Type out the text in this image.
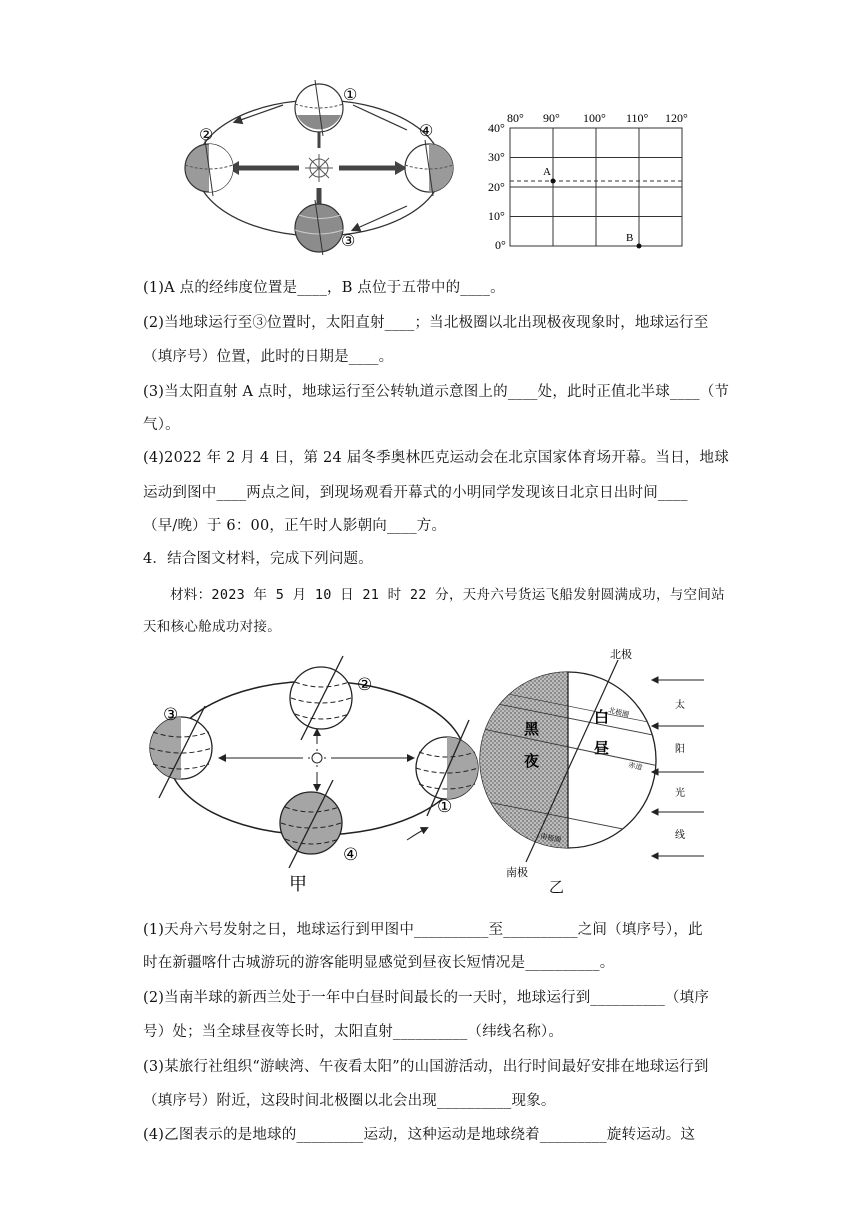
①
②
③
④
A
B
80° 90° 100° 110° 120°
40°
30°
20°
10°
0°
(1)A 点的经纬度位置是____，B 点位于五带中的____。
(2)当地球运行至③位置时，太阳直射____；当北极圈以北出现极夜现象时，地球运行至
（填序号）位置，此时的日期是____。
(3)当太阳直射 A 点时，地球运行至公转轨道示意图上的____处，此时正值北半球____（节
气）。
(4)2022 年 2 月 4 日，第 24 届冬季奥林匹克运动会在北京国家体育场开幕。当日，地球
运动到图中____两点之间，到现场观看开幕式的小明同学发现该日北京日出时间____
（早/晚）于 6：00，正午时人影朝向____方。
4．结合图文材料，完成下列问题。
材料：2023 年 5 月 10 日 21 时 22 分，天舟六号货运飞船发射圆满成功，与空间站
天和核心舱成功对接。
②
③
①
④
甲
北极
南极
黑
夜
白
昼
北极圈
赤道
南极圈
太
阳
光
线
乙
(1)天舟六号发射之日，地球运行到甲图中__________至__________之间（填序号），此
时在新疆喀什古城游玩的游客能明显感觉到昼夜长短情况是__________。
(2)当南半球的新西兰处于一年中白昼时间最长的一天时，地球运行到__________（填序
号）处；当全球昼夜等长时，太阳直射__________（纬线名称）。
(3)某旅行社组织“游峡湾、午夜看太阳”的山国游活动，出行时间最好安排在地球运行到
（填序号）附近，这段时间北极圈以北会出现__________现象。
(4)乙图表示的是地球的_________运动，这种运动是地球绕着_________旋转运动。这
